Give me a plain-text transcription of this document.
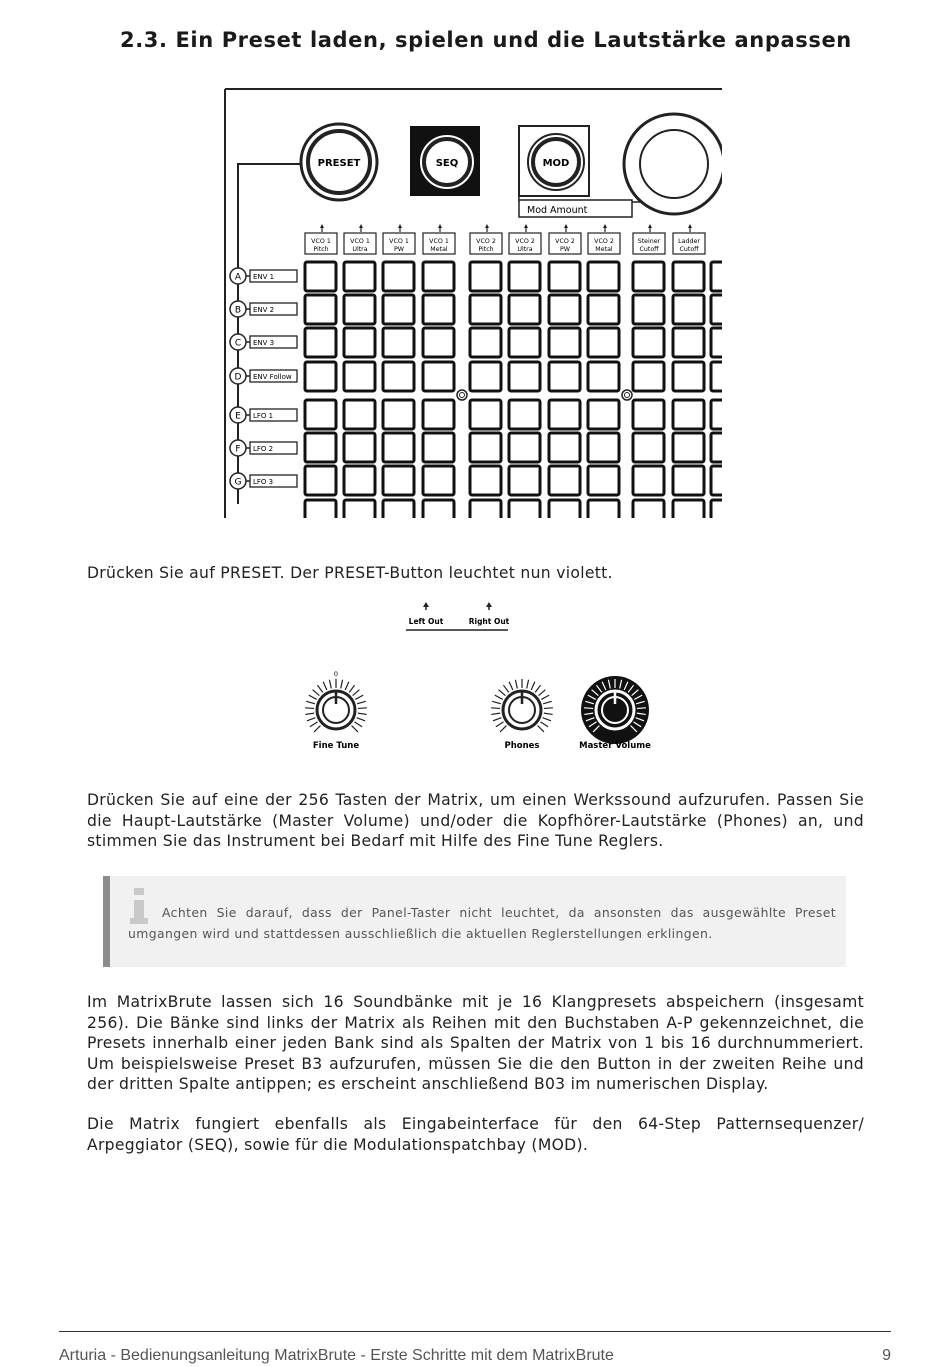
2.3. Ein Preset laden, spielen und die Lautstärke anpassen
PRESET	SEQ	MOD
Mod Amount
VCO 1
Pitch
VCO 1
Ultra
VCO 1
PW
VCO 1
Metal
VCO 2
Pitch
VCO 2
Ultra
VCO 2
PW
VCO 2
Metal
Steiner
Cutoff
Ladder
Cutoff
A ENV 1
B ENV 2
C ENV 3
D ENV Follow
E LFO 1
F LFO 2
G LFO 3

Drücken Sie auf PRESET. Der PRESET-Button leuchtet nun violett.

Left Out	Right Out
0
Fine Tune	Phones	Master Volume

Drücken Sie auf eine der 256 Tasten der Matrix, um einen Werkssound aufzurufen. Passen Sie die Haupt-Lautstärke (Master Volume) und/oder die Kopfhörer-Lautstärke (Phones) an, und stimmen Sie das Instrument bei Bedarf mit Hilfe des Fine Tune Reglers.

Achten Sie darauf, dass der Panel-Taster nicht leuchtet, da ansonsten das ausgewählte Preset umgangen wird und stattdessen ausschließlich die aktuellen Reglerstellungen erklingen.

Im MatrixBrute lassen sich 16 Soundbänke mit je 16 Klangpresets abspeichern (insgesamt 256). Die Bänke sind links der Matrix als Reihen mit den Buchstaben A-P gekennzeichnet, die Presets innerhalb einer jeden Bank sind als Spalten der Matrix von 1 bis 16 durchnummeriert. Um beispielsweise Preset B3 aufzurufen, müssen Sie die den Button in der zweiten Reihe und der dritten Spalte antippen; es erscheint anschließend B03 im numerischen Display.

Die Matrix fungiert ebenfalls als Eingabeinterface für den 64-Step Patternsequenzer/ Arpeggiator (SEQ), sowie für die Modulationspatchbay (MOD).

Arturia - Bedienungsanleitung MatrixBrute - Erste Schritte mit dem MatrixBrute	9
